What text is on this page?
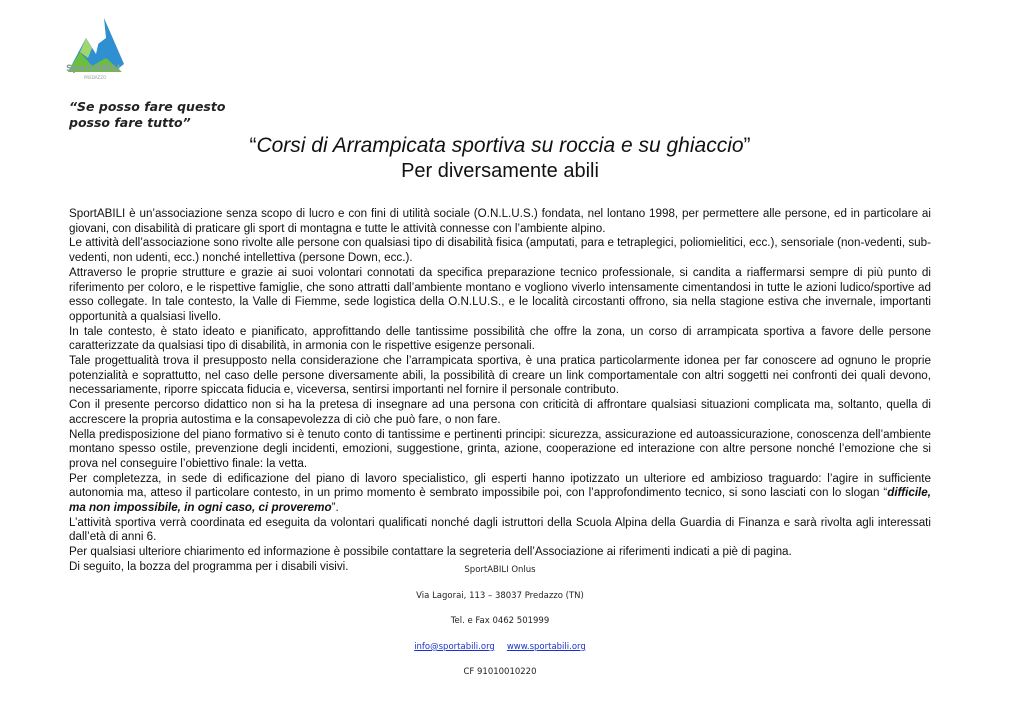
SportABILI
PREDAZZO
“Se posso fare questo
posso fare tutto”
“Corsi di Arrampicata sportiva su roccia e su ghiaccio”
Per diversamente abili

SportABILI è un’associazione senza scopo di lucro e con fini di utilità sociale (O.N.L.U.S.) fondata, nel lontano 1998, per permettere alle persone, ed in particolare ai giovani, con disabilità di praticare gli sport di montagna e tutte le attività connesse con l’ambiente alpino.

Le attività dell’associazione sono rivolte alle persone con qualsiasi tipo di disabilità fisica (amputati, para e tetraplegici, poliomielitici, ecc.), sensoriale (non-vedenti, sub-vedenti, non udenti, ecc.) nonché intellettiva (persone Down, ecc.).

Attraverso le proprie strutture e grazie ai suoi volontari connotati da specifica preparazione tecnico professionale, si candita a riaffermarsi sempre di più punto di riferimento per coloro, e le rispettive famiglie, che sono attratti dall’ambiente montano e vogliono viverlo intensamente cimentandosi in tutte le azioni ludico/sportive ad esso collegate. In tale contesto, la Valle di Fiemme, sede logistica della O.N.LU.S., e le località circostanti offrono, sia nella stagione estiva che invernale, importanti opportunità a qualsiasi livello.

In tale contesto, è stato ideato e pianificato, approfittando delle tantissime possibilità che offre la zona, un corso di arrampicata sportiva a favore delle persone caratterizzate da qualsiasi tipo di disabilità, in armonia con le rispettive esigenze personali.

Tale progettualità trova il presupposto nella considerazione che l’arrampicata sportiva, è una pratica particolarmente idonea per far conoscere ad ognuno le proprie potenzialità e soprattutto, nel caso delle persone diversamente abili, la possibilità di creare un link comportamentale con altri soggetti nei confronti dei quali devono, necessariamente, riporre spiccata fiducia e, viceversa, sentirsi importanti nel fornire il personale contributo.

Con il presente percorso didattico non si ha la pretesa di insegnare ad una persona con criticità di affrontare qualsiasi situazioni complicata ma, soltanto, quella di accrescere la propria autostima e la consapevolezza di ciò che può fare, o non fare.

Nella predisposizione del piano formativo si è tenuto conto di tantissime e pertinenti principi: sicurezza, assicurazione ed autoassicurazione, conoscenza dell’ambiente montano spesso ostile, prevenzione degli incidenti, emozioni, suggestione, grinta, azione, cooperazione ed interazione con altre persone nonché l’emozione che si prova nel conseguire l’obiettivo finale: la vetta.

Per completezza, in sede di edificazione del piano di lavoro specialistico, gli esperti hanno ipotizzato un ulteriore ed ambizioso traguardo: l’agire in sufficiente autonomia ma, atteso il particolare contesto, in un primo momento è sembrato impossibile poi, con l’approfondimento tecnico, si sono lasciati con lo slogan “difficile, ma non impossibile, in ogni caso, ci proveremo”.

L’attività sportiva verrà coordinata ed eseguita da volontari qualificati nonché dagli istruttori della Scuola Alpina della Guardia di Finanza e sarà rivolta agli interessati dall’età di anni 6.

Per qualsiasi ulteriore chiarimento ed informazione è possibile contattare la segreteria dell’Associazione ai riferimenti indicati a piè di pagina.

Di seguito, la bozza del programma per i disabili visivi.	SportABILI Onlus
Via Lagorai, 113 – 38037 Predazzo (TN)
Tel. e Fax 0462 501999
info@sportabili.org www.sportabili.org
CF 91010010220
